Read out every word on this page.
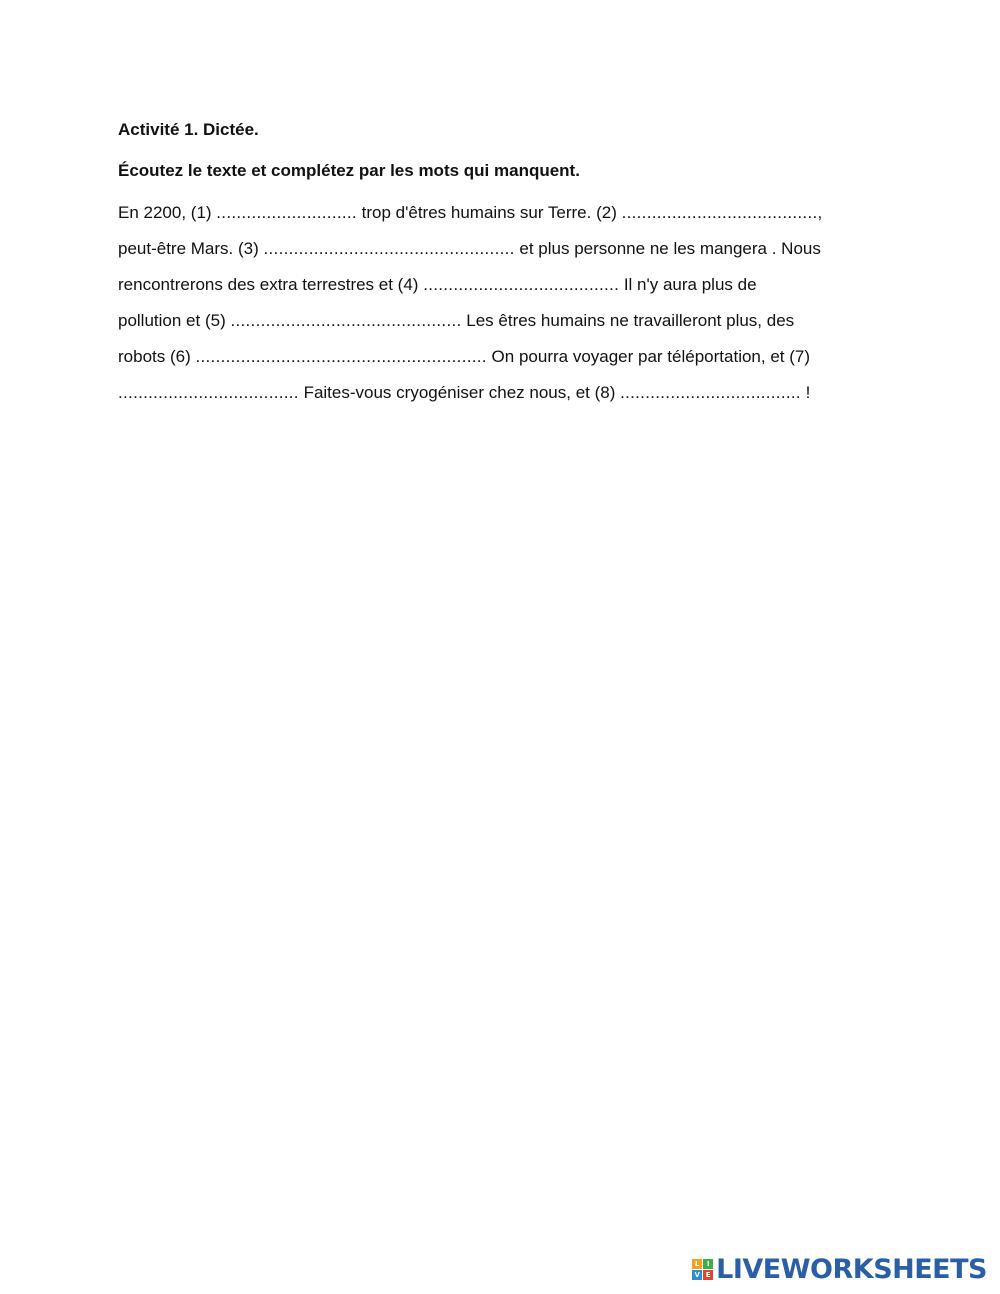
Activité 1. Dictée.
Écoutez le texte et complétez par les mots qui manquent.
En 2200, (1) ............................ trop d'êtres humains sur Terre. (2) .......................................,
peut-être Mars. (3) .................................................. et plus personne ne les mangera . Nous
rencontrerons des extra terrestres et (4) ....................................... Il n'y aura plus de
pollution et (5) .............................................. Les êtres humains ne travailleront plus, des
robots (6) .......................................................... On pourra voyager par téléportation, et (7)
.................................... Faites-vous cryogéniser chez nous, et (8) .................................... !
L	I
V E LIVEWORKSHEETS
